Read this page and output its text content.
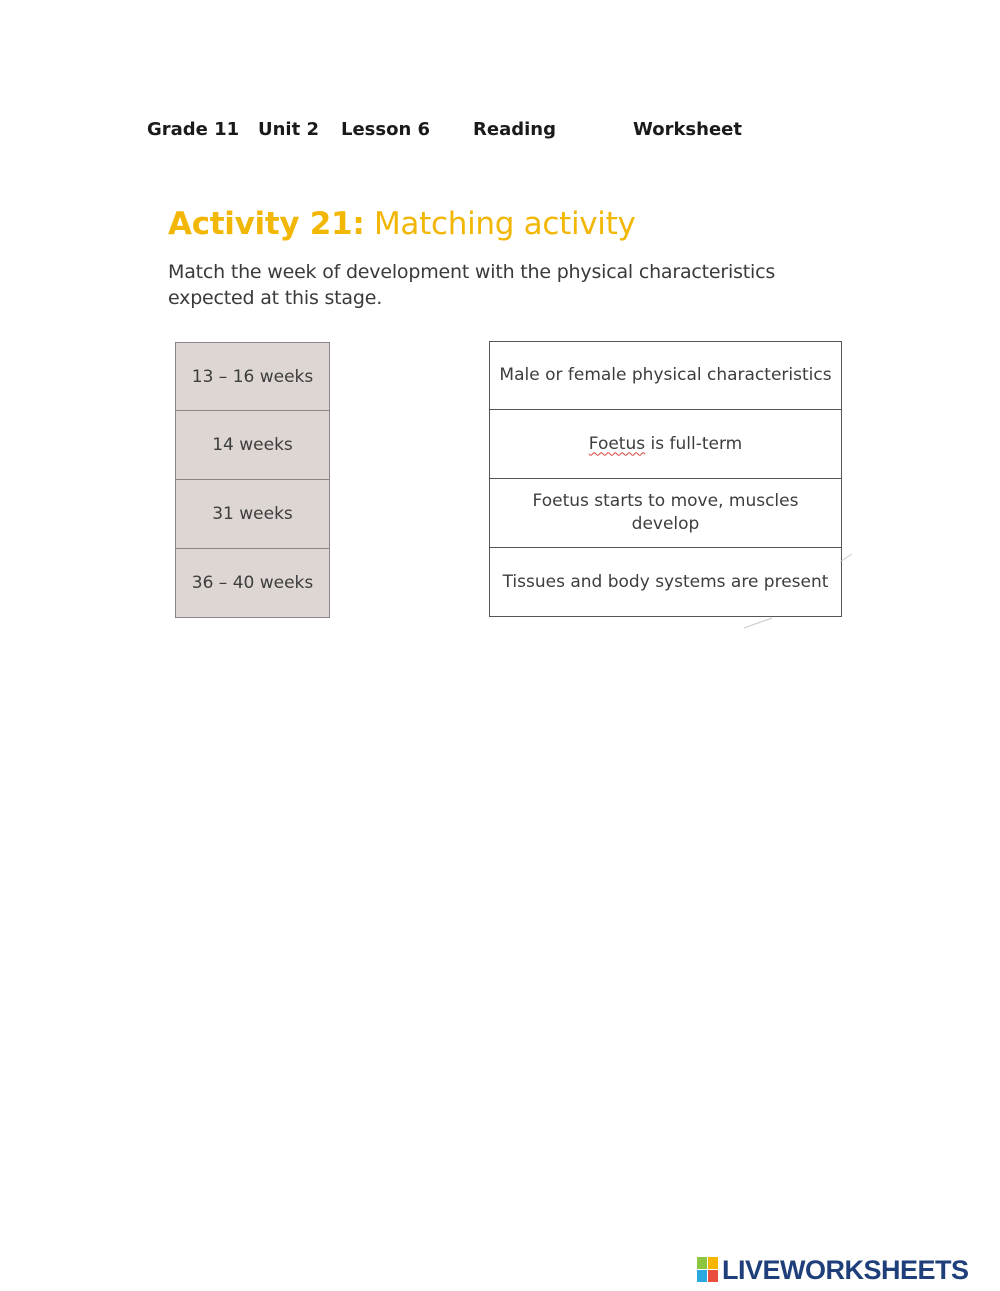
Grade 11 Unit 2 Lesson 6 Reading	Worksheet
Activity 21: Matching activity
Match the week of development with the physical characteristics expected at this stage.
13 – 16 weeks
14 weeks
31 weeks
36 – 40 weeks
Male or female physical characteristics
Foetus is full-term
Foetus starts to move, muscles develop
Tissues and body systems are present
LIVEWORKSHEETS
